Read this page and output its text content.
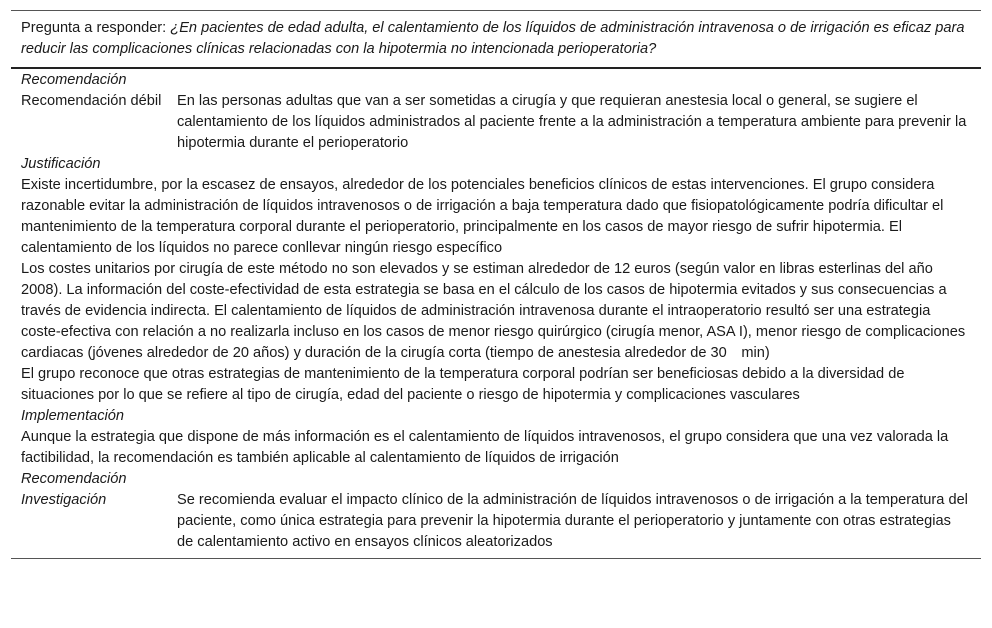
Pregunta a responder: ¿En pacientes de edad adulta, el calentamiento de los líquidos de administración intravenosa o de irrigación es eficaz para reducir las complicaciones clínicas relacionadas con la hipotermia no intencionada perioperatoria?
Recomendación
Recomendación débil	En las personas adultas que van a ser sometidas a cirugía y que requieran anestesia local o general, se sugiere el calentamiento de los líquidos administrados al paciente frente a la administración a temperatura ambiente para prevenir la hipotermia durante el perioperatorio
Justificación
Existe incertidumbre, por la escasez de ensayos, alrededor de los potenciales beneficios clínicos de estas intervenciones. El grupo considera razonable evitar la administración de líquidos intravenosos o de irrigación a baja temperatura dado que fisiopatológicamente podría dificultar el mantenimiento de la temperatura corporal durante el perioperatorio, principalmente en los casos de mayor riesgo de sufrir hipotermia. El calentamiento de los líquidos no parece conllevar ningún riesgo específico
Los costes unitarios por cirugía de este método no son elevados y se estiman alrededor de 12 euros (según valor en libras esterlinas del año 2008). La información del coste-efectividad de esta estrategia se basa en el cálculo de los casos de hipotermia evitados y sus consecuencias a través de evidencia indirecta. El calentamiento de líquidos de administración intravenosa durante el intraoperatorio resultó ser una estrategia coste-efectiva con relación a no realizarla incluso en los casos de menor riesgo quirúrgico (cirugía menor, ASA I), menor riesgo de complicaciones cardiacas (jóvenes alrededor de 20 años) y duración de la cirugía corta (tiempo de anestesia alrededor de 30 min)
El grupo reconoce que otras estrategias de mantenimiento de la temperatura corporal podrían ser beneficiosas debido a la diversidad de situaciones por lo que se refiere al tipo de cirugía, edad del paciente o riesgo de hipotermia y complicaciones vasculares
Implementación
Aunque la estrategia que dispone de más información es el calentamiento de líquidos intravenosos, el grupo considera que una vez valorada la factibilidad, la recomendación es también aplicable al calentamiento de líquidos de irrigación
Recomendación
Investigación	Se recomienda evaluar el impacto clínico de la administración de líquidos intravenosos o de irrigación a la temperatura del paciente, como única estrategia para prevenir la hipotermia durante el perioperatorio y juntamente con otras estrategias de calentamiento activo en ensayos clínicos aleatorizados
